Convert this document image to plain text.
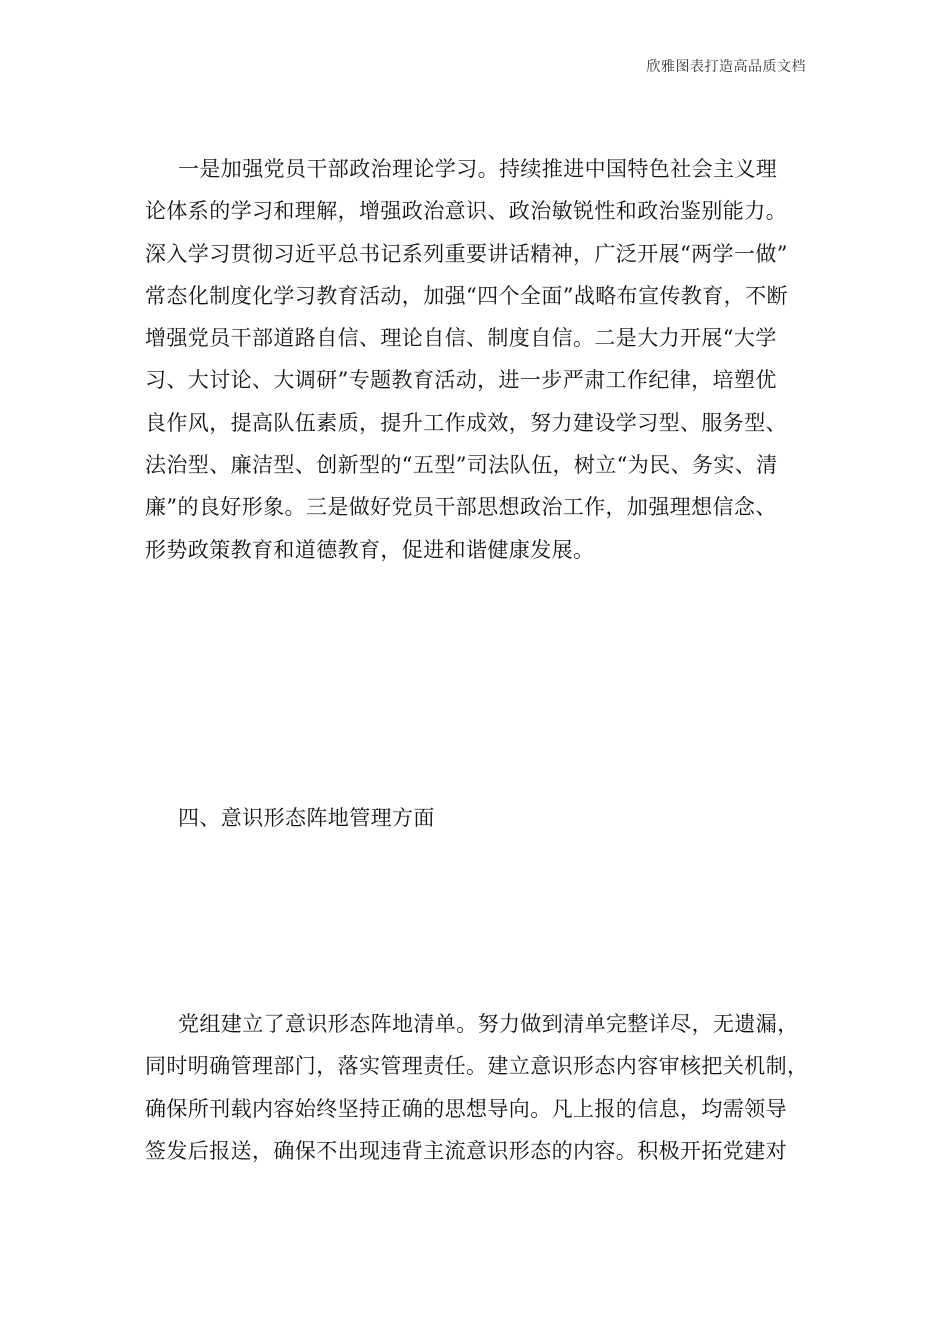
欣雅图表打造高品质文档
一是加强党员干部政治理论学习。持续推进中国特色社会主义理
论体系的学习和理解，增强政治意识、政治敏锐性和政治鉴别能力。
深入学习贯彻习近平总书记系列重要讲话精神，广泛开展“两学一做”
常态化制度化学习教育活动，加强“四个全面”战略布宣传教育，不断
增强党员干部道路自信、理论自信、制度自信。二是大力开展“大学
习、大讨论、大调研”专题教育活动，进一步严肃工作纪律，培塑优
良作风，提高队伍素质，提升工作成效，努力建设学习型、服务型、
法治型、廉洁型、创新型的“五型”司法队伍，树立“为民、务实、清
廉”的良好形象。三是做好党员干部思想政治工作，加强理想信念、
形势政策教育和道德教育，促进和谐健康发展。
四、意识形态阵地管理方面
党组建立了意识形态阵地清单。努力做到清单完整详尽，无遗漏，
同时明确管理部门，落实管理责任。建立意识形态内容审核把关机制，
确保所刊载内容始终坚持正确的思想导向。凡上报的信息，均需领导
签发后报送，确保不出现违背主流意识形态的内容。积极开拓党建对
